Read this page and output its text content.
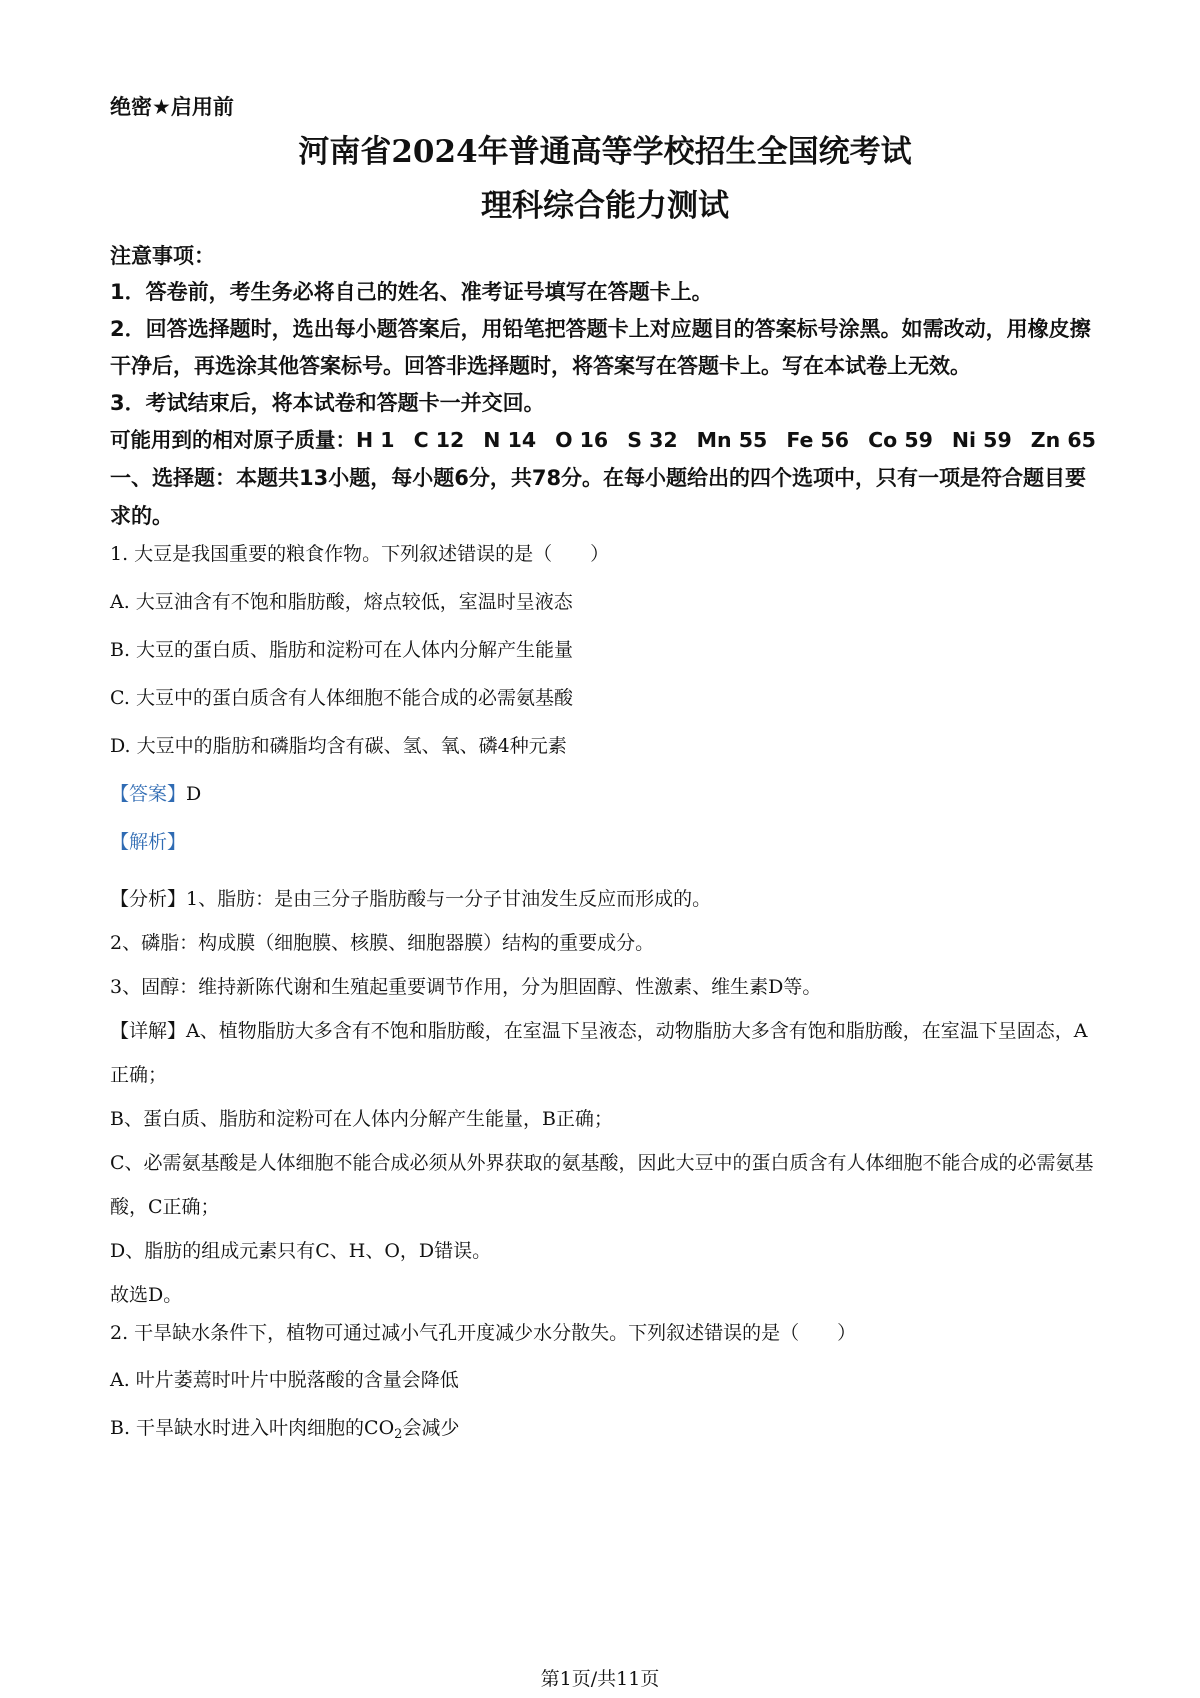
绝密★启用前

河南省2024年普通高等学校招生全国统考试

理科综合能力测试

注意事项：

1．答卷前，考生务必将自己的姓名、准考证号填写在答题卡上。

2．回答选择题时，选出每小题答案后，用铅笔把答题卡上对应题目的答案标号涂黑。如需改动，用橡皮擦干净后，再选涂其他答案标号。回答非选择题时，将答案写在答题卡上。写在本试卷上无效。

3．考试结束后，将本试卷和答题卡一并交回。

可能用到的相对原子质量：H 1 C 12 N 14 O 16 S 32 Mn 55 Fe 56 Co 59 Ni 59 Zn 65

一、选择题：本题共13小题，每小题6分，共78分。在每小题给出的四个选项中，只有一项是符合题目要求的。

1. 大豆是我国重要的粮食作物。下列叙述错误的是（　　）

A. 大豆油含有不饱和脂肪酸，熔点较低，室温时呈液态

B. 大豆的蛋白质、脂肪和淀粉可在人体内分解产生能量

C. 大豆中的蛋白质含有人体细胞不能合成的必需氨基酸

D. 大豆中的脂肪和磷脂均含有碳、氢、氧、磷4种元素

【答案】D

【解析】

【分析】1、脂肪：是由三分子脂肪酸与一分子甘油发生反应而形成的。

2、磷脂：构成膜（细胞膜、核膜、细胞器膜）结构的重要成分。

3、固醇：维持新陈代谢和生殖起重要调节作用，分为胆固醇、性激素、维生素D等。

【详解】A、植物脂肪大多含有不饱和脂肪酸，在室温下呈液态，动物脂肪大多含有饱和脂肪酸，在室温下呈固态，A正确；

B、蛋白质、脂肪和淀粉可在人体内分解产生能量，B正确；

C、必需氨基酸是人体细胞不能合成必须从外界获取的氨基酸，因此大豆中的蛋白质含有人体细胞不能合成的必需氨基酸，C正确；

D、脂肪的组成元素只有C、H、O，D错误。

故选D。

2. 干旱缺水条件下，植物可通过减小气孔开度减少水分散失。下列叙述错误的是（　　）

A. 叶片萎蔫时叶片中脱落酸的含量会降低

B. 干旱缺水时进入叶肉细胞的$CO_2$会减少

第1页/共11页
